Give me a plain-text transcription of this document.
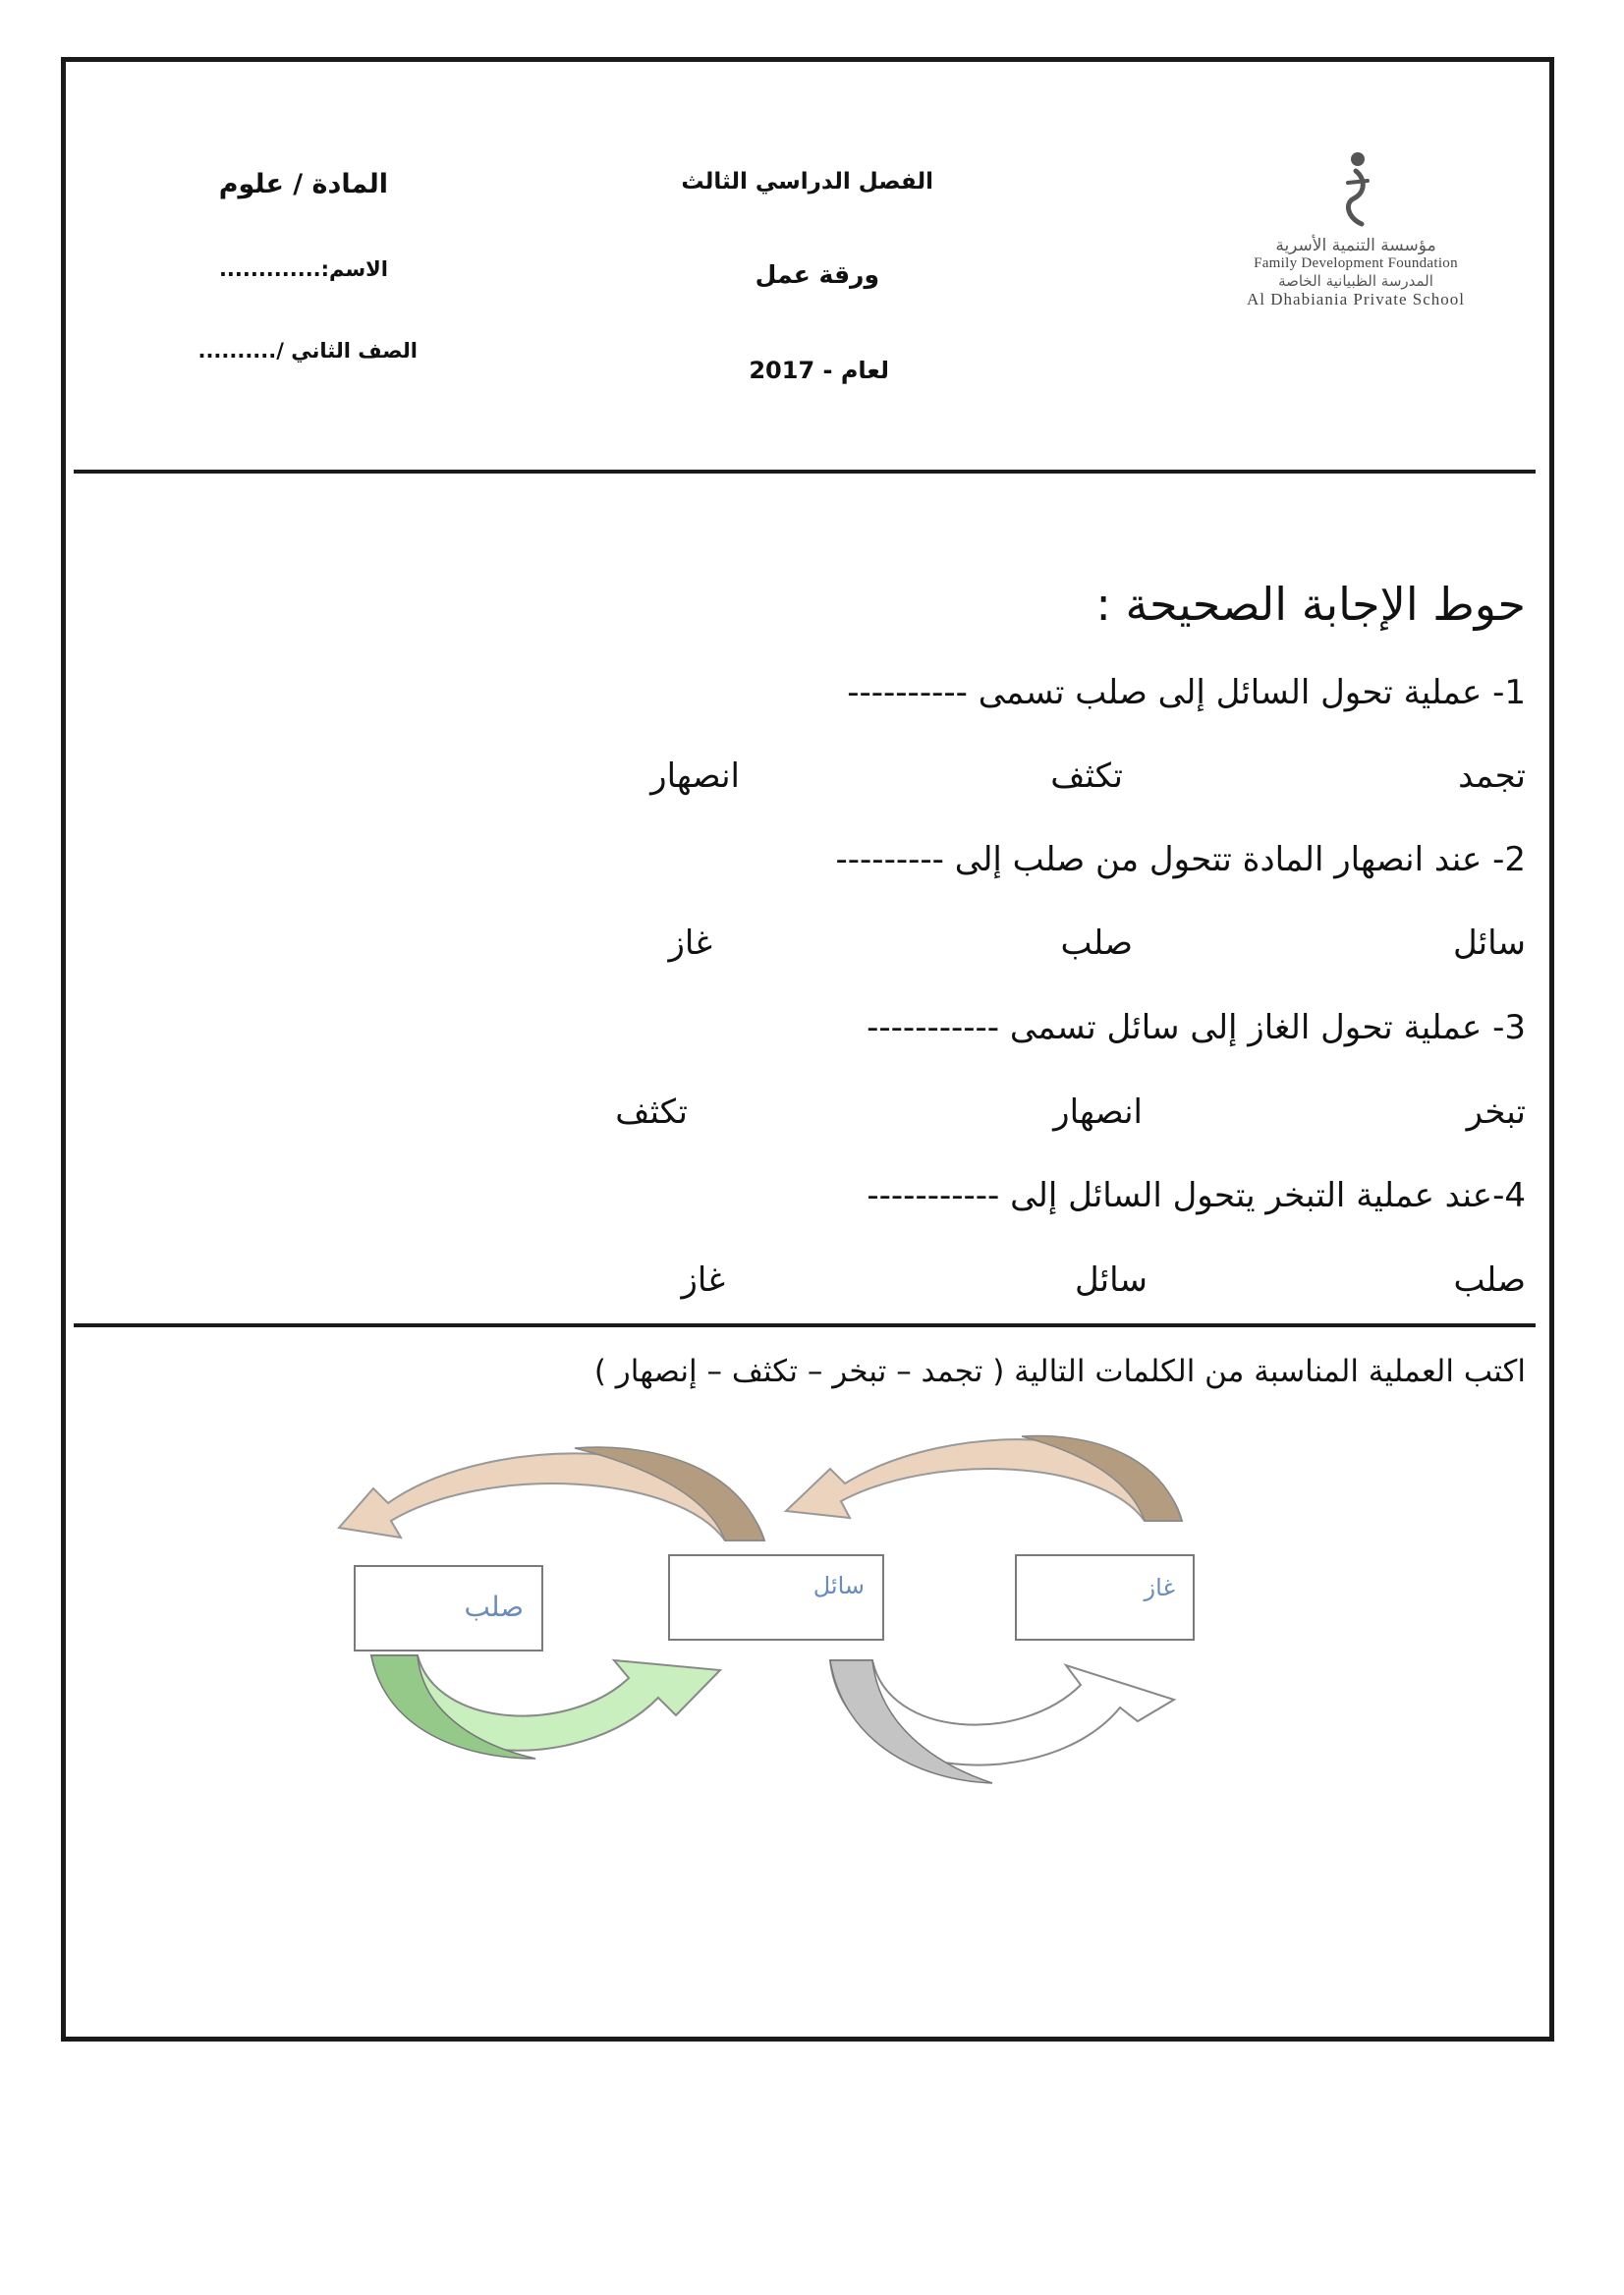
المادة / علوم
الاسم:.............
الصف الثاني /..........
الفصل الدراسي الثالث
ورقة عمل
لعام - 2017
مؤسسة التنمية الأسرية
Family Development Foundation
المدرسة الظبيانية الخاصة
Al Dhabiania Private School
حوط الإجابة الصحيحة :
1- عملية تحول السائل إلى صلب تسمى ----------
تجمد
تكثف
انصهار
2- عند انصهار المادة تتحول من صلب إلى ---------
سائل
صلب
غاز
3- عملية تحول الغاز إلى سائل تسمى -----------
تبخر
انصهار
تكثف
4-عند عملية التبخر يتحول السائل إلى -----------
صلب
سائل
غاز
اكتب العملية المناسبة من الكلمات التالية ( تجمد – تبخر – تكثف – إنصهار )
صلب
سائل	غاز
